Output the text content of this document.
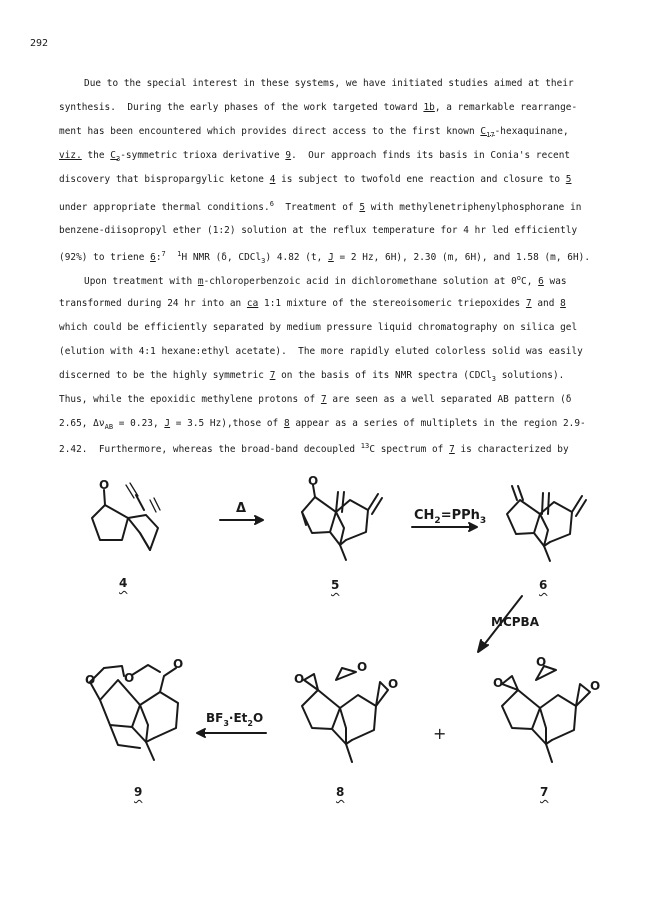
292
Due to the special interest in these systems, we have initiated studies aimed at their
synthesis.  During the early phases of the work targeted toward 1b, a remarkable rearrange-
ment has been encountered which provides direct access to the first known $C_{17}$-hexaquinane,
viz. the $C_3$-symmetric trioxa derivative 9.  Our approach finds its basis in Conia's recent
discovery that bispropargylic ketone 4 is subject to twofold ene reaction and closure to 5
under appropriate thermal conditions.$^6$  Treatment of 5 with methylenetriphenylphosphorane in
benzene-diisopropyl ether (1:2) solution at the reflux temperature for 4 hr led efficiently
(92%) to triene 6:$^7$ $^1$H NMR (δ, CDCl$_3$) 4.82 (t, J = 2 Hz, 6H), 2.30 (m, 6H), and 1.58 (m, 6H).
Upon treatment with m-chloroperbenzoic acid in dichloromethane solution at 0$^o$C, 6 was
transformed during 24 hr into an ca 1:1 mixture of the stereoisomeric triepoxides 7 and 8
which could be efficiently separated by medium pressure liquid chromatography on silica gel
(elution with 4:1 hexane:ethyl acetate).  The more rapidly eluted colorless solid was easily
discerned to be the highly symmetric 7 on the basis of its NMR spectra (CDCl$_3$ solutions).
Thus, while the epoxidic methylene protons of 7 are seen as a well separated AB pattern (δ
2.65, $\Delta\nu_{AB} = 0.23$, J = 3.5 Hz),those of 8 appear as a series of multiplets in the region 2.9-
2.42.  Furthermore, whereas the broad-band decoupled $^{13}$C spectrum of 7 is characterized by
O	O
O O
O
O
O
O	O
O
O
Δ	$CH_2=PPh_3$
MCPBA
$BF_3\cdot Et_2O$
+
4	5	6
9	8	7
